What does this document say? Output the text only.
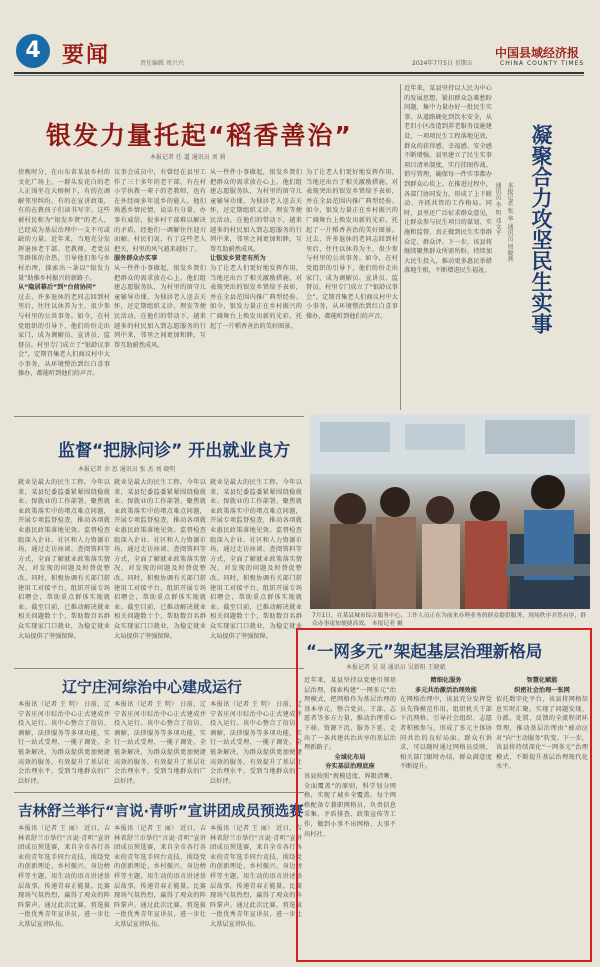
4 要闻	责任编辑 周兴兴	2024年7月5日 星期五
中国县域经济报
CHINA COUNTY TIMES
银发力量托起“稻香善治”
本报记者 任 道 通讯员 刘 莉
傍晚时分，在山东省某县乡村的文化广场上，一群头发花白的老人正围坐在大榕树下，有的在调解邻里纠纷，有的在宣讲政策，有的在教孩子们读书写字。这些被村民称为“银发乡贤”的老人，已经成为基层治理中一支不可或缺的力量。近年来，当地充分发挥退休老干部、老教师、老党员等群体的余热，引导他们参与乡村治理，探索出一条以“银发力量”助推乡村振兴的新路子。
从“隐居幕后”到“台前协同”
过去，许多退休的老同志回到村里后，往往以休养为主，很少参与村里的公共事务。如今，在村党组织的引导下，他们纷纷走出家门，成为调解员、宣讲员、监督员。村里专门成立了“银龄议事会”，定期召集老人们商议村中大小事务，从环境整治到红白喜事操办，都能听到他们的声音。
议事会成员中，有曾经在县里工作了三十多年的老干部，有在村小学执教一辈子的老教师，也有在外经商多年返乡的能人。他们熟悉乡情民情，说话有分量，办事有威信，很多村干部难以解决的矛盾，经他们一调解往往迎刃而解。村民们说，有了这些老人把关，村里的风气越来越好了。
服务群众办实事
从一件件小事做起，银发乡贤们把群众的需求放在心上。他们组建志愿服务队，为村里的留守儿童辅导功课，为独居老人送去关怀，还定期组织义诊、理发等便民活动。在他们的带动下，越来越多的村民加入到志愿服务的行列中来，邻里之间更加和睦，互帮互助蔚然成风。
从一件件小事做起，银发乡贤们把群众的需求放在心上。他们组建志愿服务队，为村里的留守儿童辅导功课，为独居老人送去关怀，还定期组织义诊、理发等便民活动。在他们的带动下，越来越多的村民加入到志愿服务的行列中来，邻里之间更加和睦，互帮互助蔚然成风。
让银发乡贤老有所为
为了让老人们更好地发挥作用，当地还出台了相关激励措施，对表现突出的银发乡贤给予表彰，并在全县范围内推广典型经验。如今，银发力量正在乡村振兴的广阔舞台上焕发出新的光彩，托起了一片稻香善治的美好图景。
为了让老人们更好地发挥作用，当地还出台了相关激励措施，对表现突出的银发乡贤给予表彰，并在全县范围内推广典型经验。如今，银发力量正在乡村振兴的广阔舞台上焕发出新的光彩，托起了一片稻香善治的美好图景。 过去，许多退休的老同志回到村里后，往往以休养为主，很少参与村里的公共事务。如今，在村党组织的引导下，他们纷纷走出家门，成为调解员、宣讲员、监督员。村里专门成立了“银龄议事会”，定期召集老人们商议村中大小事务，从环境整治到红白喜事操办，都能听到他们的声音。
近年来，某县坚持以人民为中心的发展思想，紧扣群众急难愁盼问题，集中力量办好一批民生实事。从道路硬化到饮水安全，从老旧小区改造到养老服务设施建设，一项项民生工程落地见效，群众的获得感、幸福感、安全感不断增强。县里建立了民生实事项目清单制度，实行挂图作战、销号管理，确保每一件实事都办到群众心坎上。在推进过程中，各部门协同发力，形成了上下联动、齐抓共管的工作格局。同时，县里还广泛征求群众意见，让群众参与民生项目的谋划、实施和监督，真正做到民生实事群众定、群众评。下一步，该县将继续聚焦群众所需所盼，持续加大民生投入，推动更多惠民举措落地生根，不断增进民生福祉。	凝聚合力攻坚民生实事
本报记者 张 华 通讯员 周晓燕
通讯员 李 明 邓文平
7月1日，在某县城市综合服务中心，工作人员正在为前来办理业务的群众提供服务，现场秩序井然有序，群众办事更加便捷高效。 本报记者 摄
监督“把脉问诊” 开出就业良方
本报记者 余 思 通讯员 张 杰 刘 晓明
就业是最大的民生工程。今年以来，某县纪委监委紧紧围绕稳就业、保就业的工作部署，聚焦就业政策落实中的堵点难点问题，开展专项监督检查，推动各项就业惠民政策落地见效。监督检查组深入企业、社区和人力资源市场，通过走访座谈、查阅资料等方式，全面了解就业政策落实情况，对发现的问题及时督促整改。同时，积极协调有关部门搭建用工对接平台，组织开展专场招聘会，帮助重点群体实现就业。截至目前，已推动解决就业相关问题数十个，帮助数百名群众实现家门口就业，为稳定就业大局提供了坚强保障。
就业是最大的民生工程。今年以来，某县纪委监委紧紧围绕稳就业、保就业的工作部署，聚焦就业政策落实中的堵点难点问题，开展专项监督检查，推动各项就业惠民政策落地见效。监督检查组深入企业、社区和人力资源市场，通过走访座谈、查阅资料等方式，全面了解就业政策落实情况，对发现的问题及时督促整改。同时，积极协调有关部门搭建用工对接平台，组织开展专场招聘会，帮助重点群体实现就业。截至目前，已推动解决就业相关问题数十个，帮助数百名群众实现家门口就业，为稳定就业大局提供了坚强保障。
就业是最大的民生工程。今年以来，某县纪委监委紧紧围绕稳就业、保就业的工作部署，聚焦就业政策落实中的堵点难点问题，开展专项监督检查，推动各项就业惠民政策落地见效。监督检查组深入企业、社区和人力资源市场，通过走访座谈、查阅资料等方式，全面了解就业政策落实情况，对发现的问题及时督促整改。同时，积极协调有关部门搭建用工对接平台，组织开展专场招聘会，帮助重点群体实现就业。截至目前，已推动解决就业相关问题数十个，帮助数百名群众实现家门口就业，为稳定就业大局提供了坚强保障。
辽宁庄河综治中心建成运行
本报讯（记者 王 明） 日前，辽宁省庄河市综治中心正式建成并投入运行。该中心整合了信访、调解、法律服务等多项功能，实行一站式受理、一揽子调处、全链条解决，为群众提供更加便捷高效的服务，有效提升了基层社会治理水平，受到当地群众的广泛好评。
本报讯（记者 王 明） 日前，辽宁省庄河市综治中心正式建成并投入运行。该中心整合了信访、调解、法律服务等多项功能，实行一站式受理、一揽子调处、全链条解决，为群众提供更加便捷高效的服务，有效提升了基层社会治理水平，受到当地群众的广泛好评。
本报讯（记者 王 明） 日前，辽宁省庄河市综治中心正式建成并投入运行。该中心整合了信访、调解、法律服务等多项功能，实行一站式受理、一揽子调处、全链条解决，为群众提供更加便捷高效的服务，有效提升了基层社会治理水平，受到当地群众的广泛好评。
吉林舒兰举行“言说·青听”宣讲团成员预选赛
本报讯（记者 王 丽） 近日，吉林省舒兰市举行“言说·青听”宣讲团成员预选赛，来自全市各行各业的青年选手同台竞技，围绕党的创新理论、乡村振兴、身边榜样等主题，用生动的语言讲述基层故事，传递青春正能量。比赛现场气氛热烈，赢得了观众的阵阵掌声。通过此次比赛，将选拔一批优秀青年宣讲员，进一步壮大基层宣讲队伍。
本报讯（记者 王 丽） 近日，吉林省舒兰市举行“言说·青听”宣讲团成员预选赛，来自全市各行各业的青年选手同台竞技，围绕党的创新理论、乡村振兴、身边榜样等主题，用生动的语言讲述基层故事，传递青春正能量。比赛现场气氛热烈，赢得了观众的阵阵掌声。通过此次比赛，将选拔一批优秀青年宣讲员，进一步壮大基层宣讲队伍。
本报讯（记者 王 丽） 近日，吉林省舒兰市举行“言说·青听”宣讲团成员预选赛，来自全市各行各业的青年选手同台竞技，围绕党的创新理论、乡村振兴、身边榜样等主题，用生动的语言讲述基层故事，传递青春正能量。比赛现场气氛热烈，赢得了观众的阵阵掌声。通过此次比赛，将选拔一批优秀青年宣讲员，进一步壮大基层宣讲队伍。
“一网多元”架起基层治理新格局
本报记者 吴 昊 通讯员 吴新阳 王晓斌
近年来，某县坚持以党建引领基层治理，探索构建“一网多元”治理模式，把网格作为基层治理的基本单元，整合党员、干部、志愿者等多方力量，推动治理重心下移、资源下沉、服务下延，走出了一条共建共治共享的基层治理新路子。
全域化布局
夯实基层治理底座
该县按照“规模适度、界限清晰、全面覆盖”的原则，科学划分网格，实现了城乡全覆盖。每个网格配备专兼职网格员，负责信息采集、矛盾排查、政策宣传等工作，做到小事不出网格、大事不出村社。
精细化服务
多元共治激活治理效能
在网格治理中，该县充分发挥党员先锋模范作用，组织机关干部下沉网格，引导社会组织、志愿者积极参与，形成了多元主体协同共治的良好局面。群众有诉求，可以随时通过网格员反映，相关部门限时办结，群众满意度不断提升。
智慧化赋能
织密社会治理一张网
依托数字化平台，该县将网格信息实时汇聚，实现了问题发现、分派、处置、反馈的全流程闭环管理，推动基层治理由“被动应对”向“主动服务”转变。下一步，该县将持续深化“一网多元”治理模式，不断提升基层治理现代化水平。
